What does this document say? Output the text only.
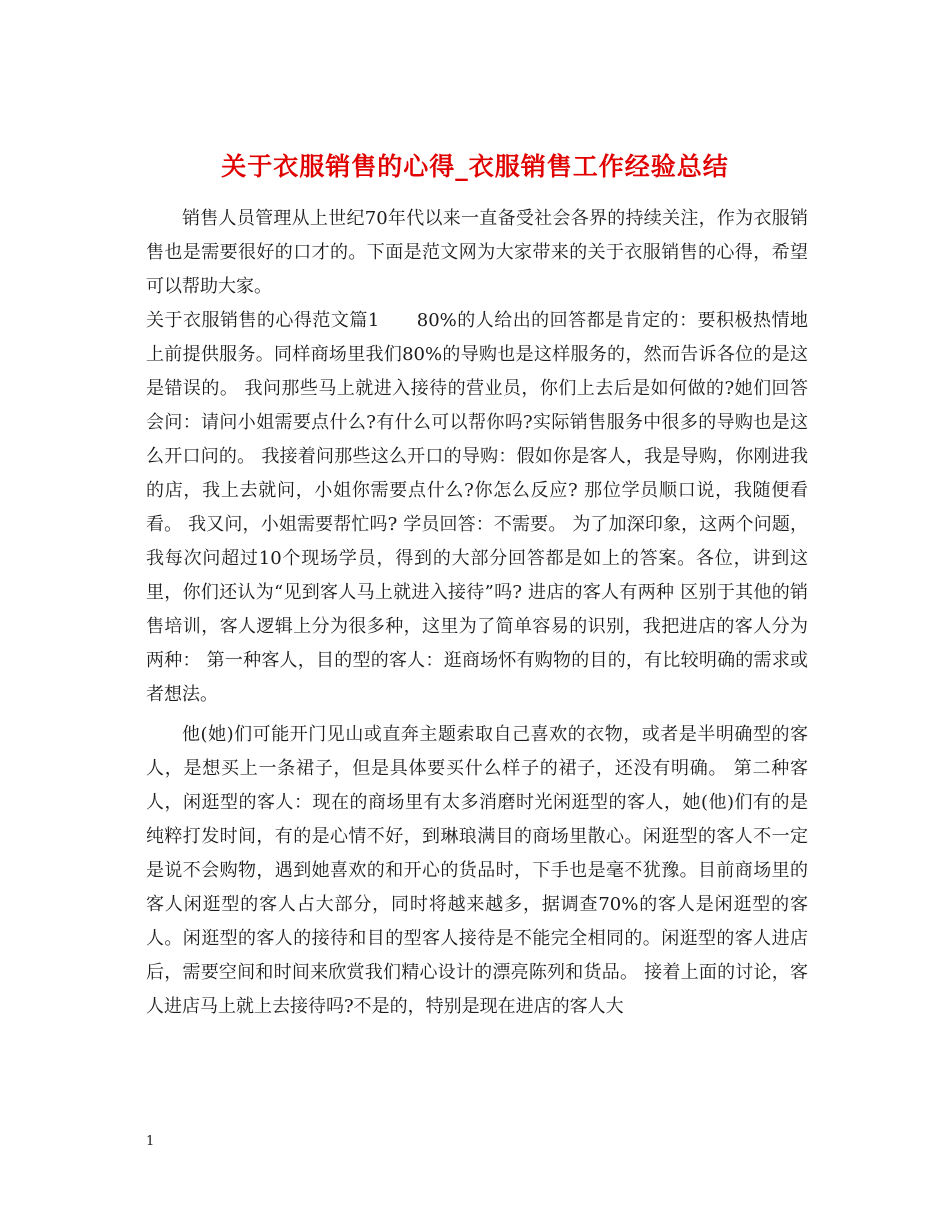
关于衣服销售的心得_衣服销售工作经验总结

销售人员管理从上世纪70年代以来一直备受社会各界的持续关注，作为衣服销售也是需要很好的口才的。下面是范文网为大家带来的关于衣服销售的心得，希望可以帮助大家。

关于衣服销售的心得范文篇1　　80%的人给出的回答都是肯定的：要积极热情地上前提供服务。同样商场里我们80%的导购也是这样服务的，然而告诉各位的是这是错误的。 我问那些马上就进入接待的营业员，你们上去后是如何做的?她们回答会问：请问小姐需要点什么?有什么可以帮你吗?实际销售服务中很多的导购也是这么开口问的。 我接着问那些这么开口的导购：假如你是客人，我是导购，你刚进我的店，我上去就问，小姐你需要点什么?你怎么反应? 那位学员顺口说，我随便看看。 我又问，小姐需要帮忙吗? 学员回答：不需要。 为了加深印象，这两个问题，我每次问超过10个现场学员，得到的大部分回答都是如上的答案。各位，讲到这里，你们还认为“见到客人马上就进入接待”吗? 进店的客人有两种 区别于其他的销售培训，客人逻辑上分为很多种，这里为了简单容易的识别，我把进店的客人分为两种： 第一种客人，目的型的客人：逛商场怀有购物的目的，有比较明确的需求或者想法。

他(她)们可能开门见山或直奔主题索取自己喜欢的衣物，或者是半明确型的客人，是想买上一条裙子，但是具体要买什么样子的裙子，还没有明确。 第二种客人，闲逛型的客人：现在的商场里有太多消磨时光闲逛型的客人，她(他)们有的是纯粹打发时间，有的是心情不好，到琳琅满目的商场里散心。闲逛型的客人不一定是说不会购物，遇到她喜欢的和开心的货品时，下手也是毫不犹豫。目前商场里的客人闲逛型的客人占大部分，同时将越来越多，据调查70%的客人是闲逛型的客人。闲逛型的客人的接待和目的型客人接待是不能完全相同的。闲逛型的客人进店后，需要空间和时间来欣赏我们精心设计的漂亮陈列和货品。 接着上面的讨论，客人进店马上就上去接待吗?不是的，特别是现在进店的客人大

1
